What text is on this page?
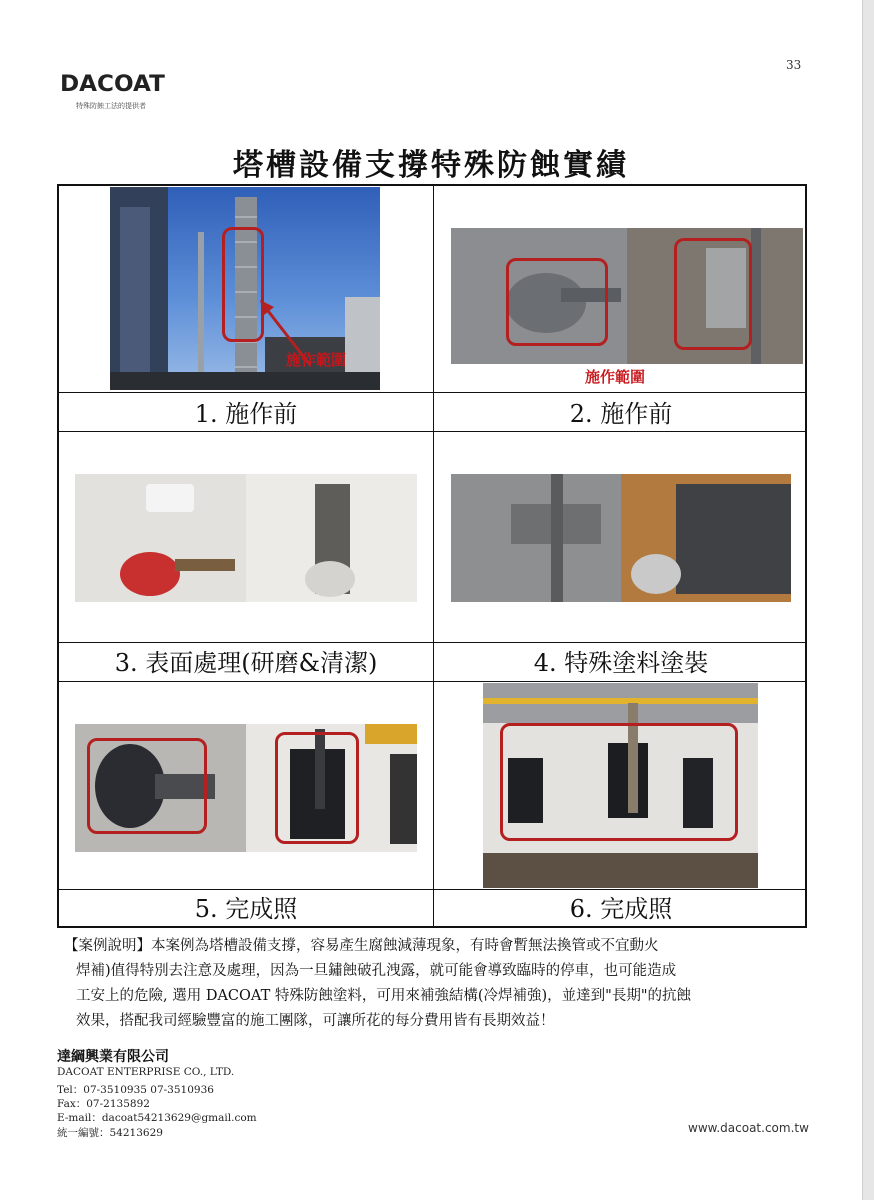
33
DACOAT
特殊防蝕工法的提供者
塔槽設備支撐特殊防蝕實績
施作範圍
施作範圍
1. 施作前	2. 施作前
3. 表面處理(研磨&清潔)	4. 特殊塗料塗裝
5. 完成照	6. 完成照

【案例說明】本案例為塔槽設備支撐，容易產生腐蝕減薄現象，有時會暫無法換管或不宜動火

焊補)值得特別去注意及處理，因為一旦鏽蝕破孔洩露，就可能會導致臨時的停車，也可能造成

工安上的危險, 選用 DACOAT 特殊防蝕塗料，可用來補強結構(冷焊補強)，並達到"長期"的抗蝕

效果，搭配我司經驗豐富的施工團隊，可讓所花的每分費用皆有長期效益！

達綱興業有限公司
DACOAT ENTERPRISE CO., LTD.
Tel：07-3510935 07-3510936
Fax：07-2135892
E-mail：dacoat54213629@gmail.com
統一編號：54213629	www.dacoat.com.tw
